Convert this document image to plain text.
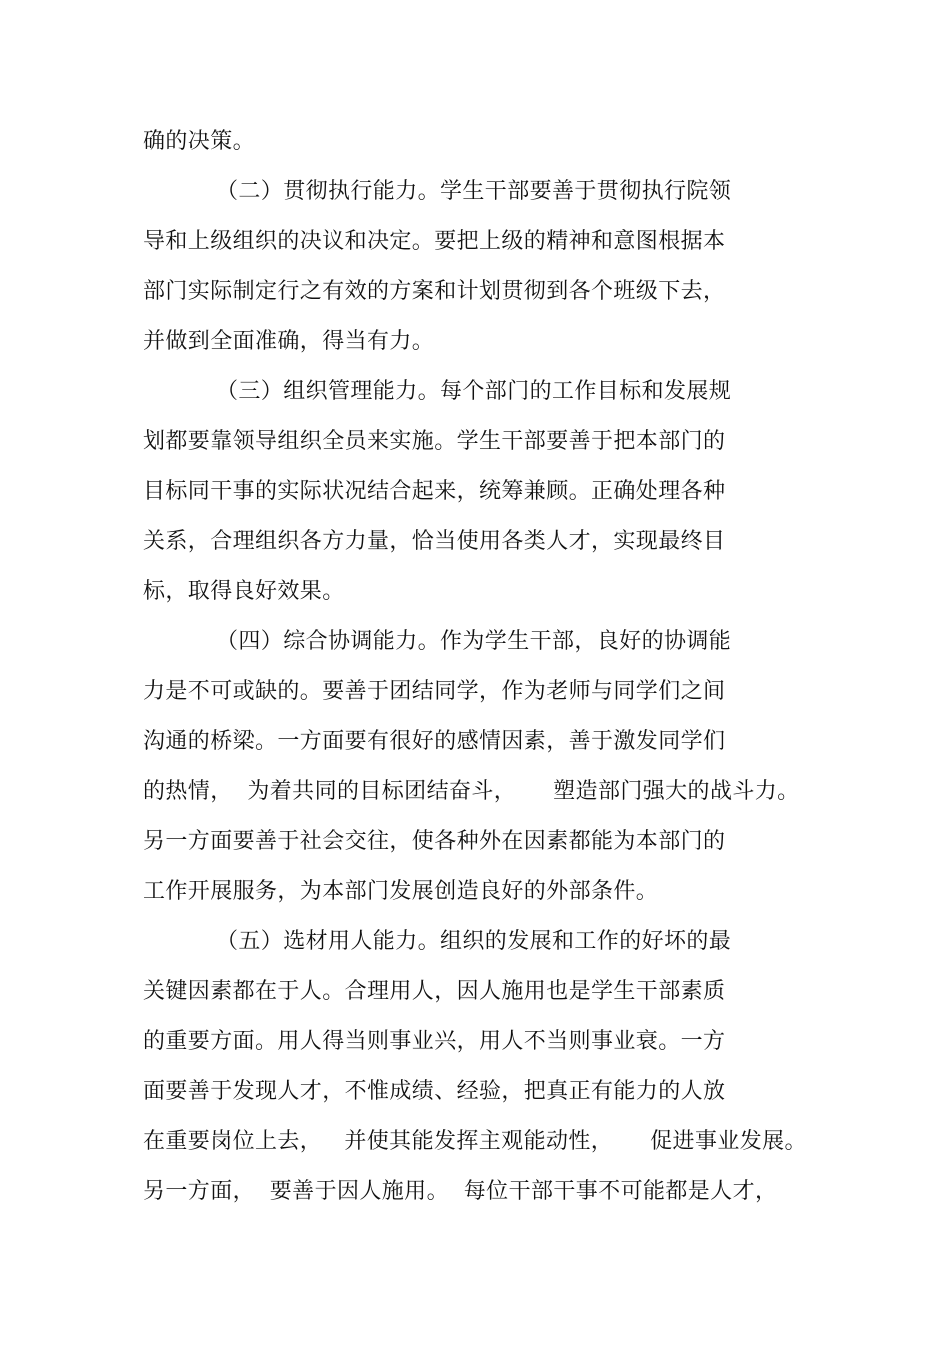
确的决策。
（二）贯彻执行能力。学生干部要善于贯彻执行院领
导和上级组织的决议和决定。要把上级的精神和意图根据本
部门实际制定行之有效的方案和计划贯彻到各个班级下去，
并做到全面准确，得当有力。
（三）组织管理能力。每个部门的工作目标和发展规
划都要靠领导组织全员来实施。学生干部要善于把本部门的
目标同干事的实际状况结合起来，统筹兼顾。正确处理各种
关系，合理组织各方力量，恰当使用各类人才，实现最终目
标，取得良好效果。
（四）综合协调能力。作为学生干部，良好的协调能
力是不可或缺的。要善于团结同学，作为老师与同学们之间
沟通的桥梁。一方面要有很好的感情因素，善于激发同学们
的热情，  为着共同的目标团结奋斗，     塑造部门强大的战斗力。
另一方面要善于社会交往，使各种外在因素都能为本部门的
工作开展服务，为本部门发展创造良好的外部条件。
（五）选材用人能力。组织的发展和工作的好坏的最
关键因素都在于人。合理用人，因人施用也是学生干部素质
的重要方面。用人得当则事业兴，用人不当则事业衰。一方
面要善于发现人才，不惟成绩、经验，把真正有能力的人放
在重要岗位上去，   并使其能发挥主观能动性，     促进事业发展。
另一方面，  要善于因人施用。  每位干部干事不可能都是人才，
